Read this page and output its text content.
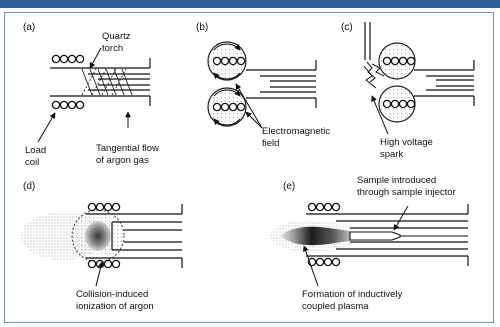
(a)
Quartz torch
Load coil
Tangential flow of argon gas
(b)
Electromagnetic field
(c)
High voltage spark
(d)
Collision-induced ionization of argon
(e)
Sample introduced through sample injector
Formation of inductively coupled plasma
